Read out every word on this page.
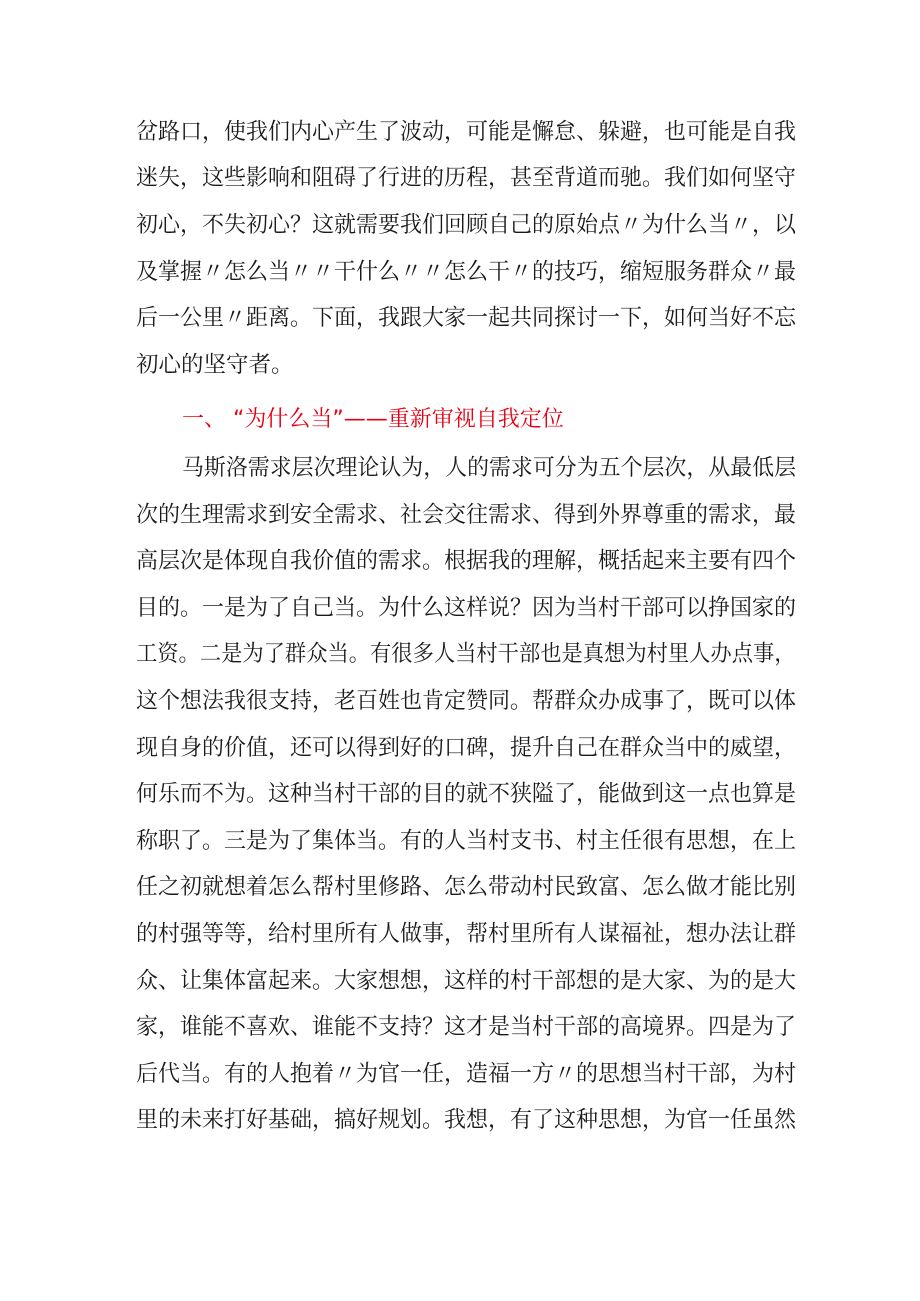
岔路口，使我们内心产生了波动，可能是懈怠、躲避，也可能是自我
迷失，这些影响和阻碍了行进的历程，甚至背道而驰。我们如何坚守
初心，不失初心？这就需要我们回顾自己的原始点〃为什么当〃，以
及掌握〃怎么当〃〃干什么〃〃怎么干〃的技巧，缩短服务群众〃最
后一公里〃距离。下面，我跟大家一起共同探讨一下，如何当好不忘
初心的坚守者。
一、 “为什么当”——重新审视自我定位
马斯洛需求层次理论认为，人的需求可分为五个层次，从最低层
次的生理需求到安全需求、社会交往需求、得到外界尊重的需求，最
高层次是体现自我价值的需求。根据我的理解，概括起来主要有四个
目的。一是为了自己当。为什么这样说？因为当村干部可以挣国家的
工资。二是为了群众当。有很多人当村干部也是真想为村里人办点事，
这个想法我很支持，老百姓也肯定赞同。帮群众办成事了，既可以体
现自身的价值，还可以得到好的口碑，提升自己在群众当中的威望，
何乐而不为。这种当村干部的目的就不狭隘了，能做到这一点也算是
称职了。三是为了集体当。有的人当村支书、村主任很有思想，在上
任之初就想着怎么帮村里修路、怎么带动村民致富、怎么做才能比别
的村强等等，给村里所有人做事，帮村里所有人谋福祉，想办法让群
众、让集体富起来。大家想想，这样的村干部想的是大家、为的是大
家，谁能不喜欢、谁能不支持？这才是当村干部的高境界。四是为了
后代当。有的人抱着〃为官一任，造福一方〃的思想当村干部，为村
里的未来打好基础，搞好规划。我想，有了这种思想，为官一任虽然
